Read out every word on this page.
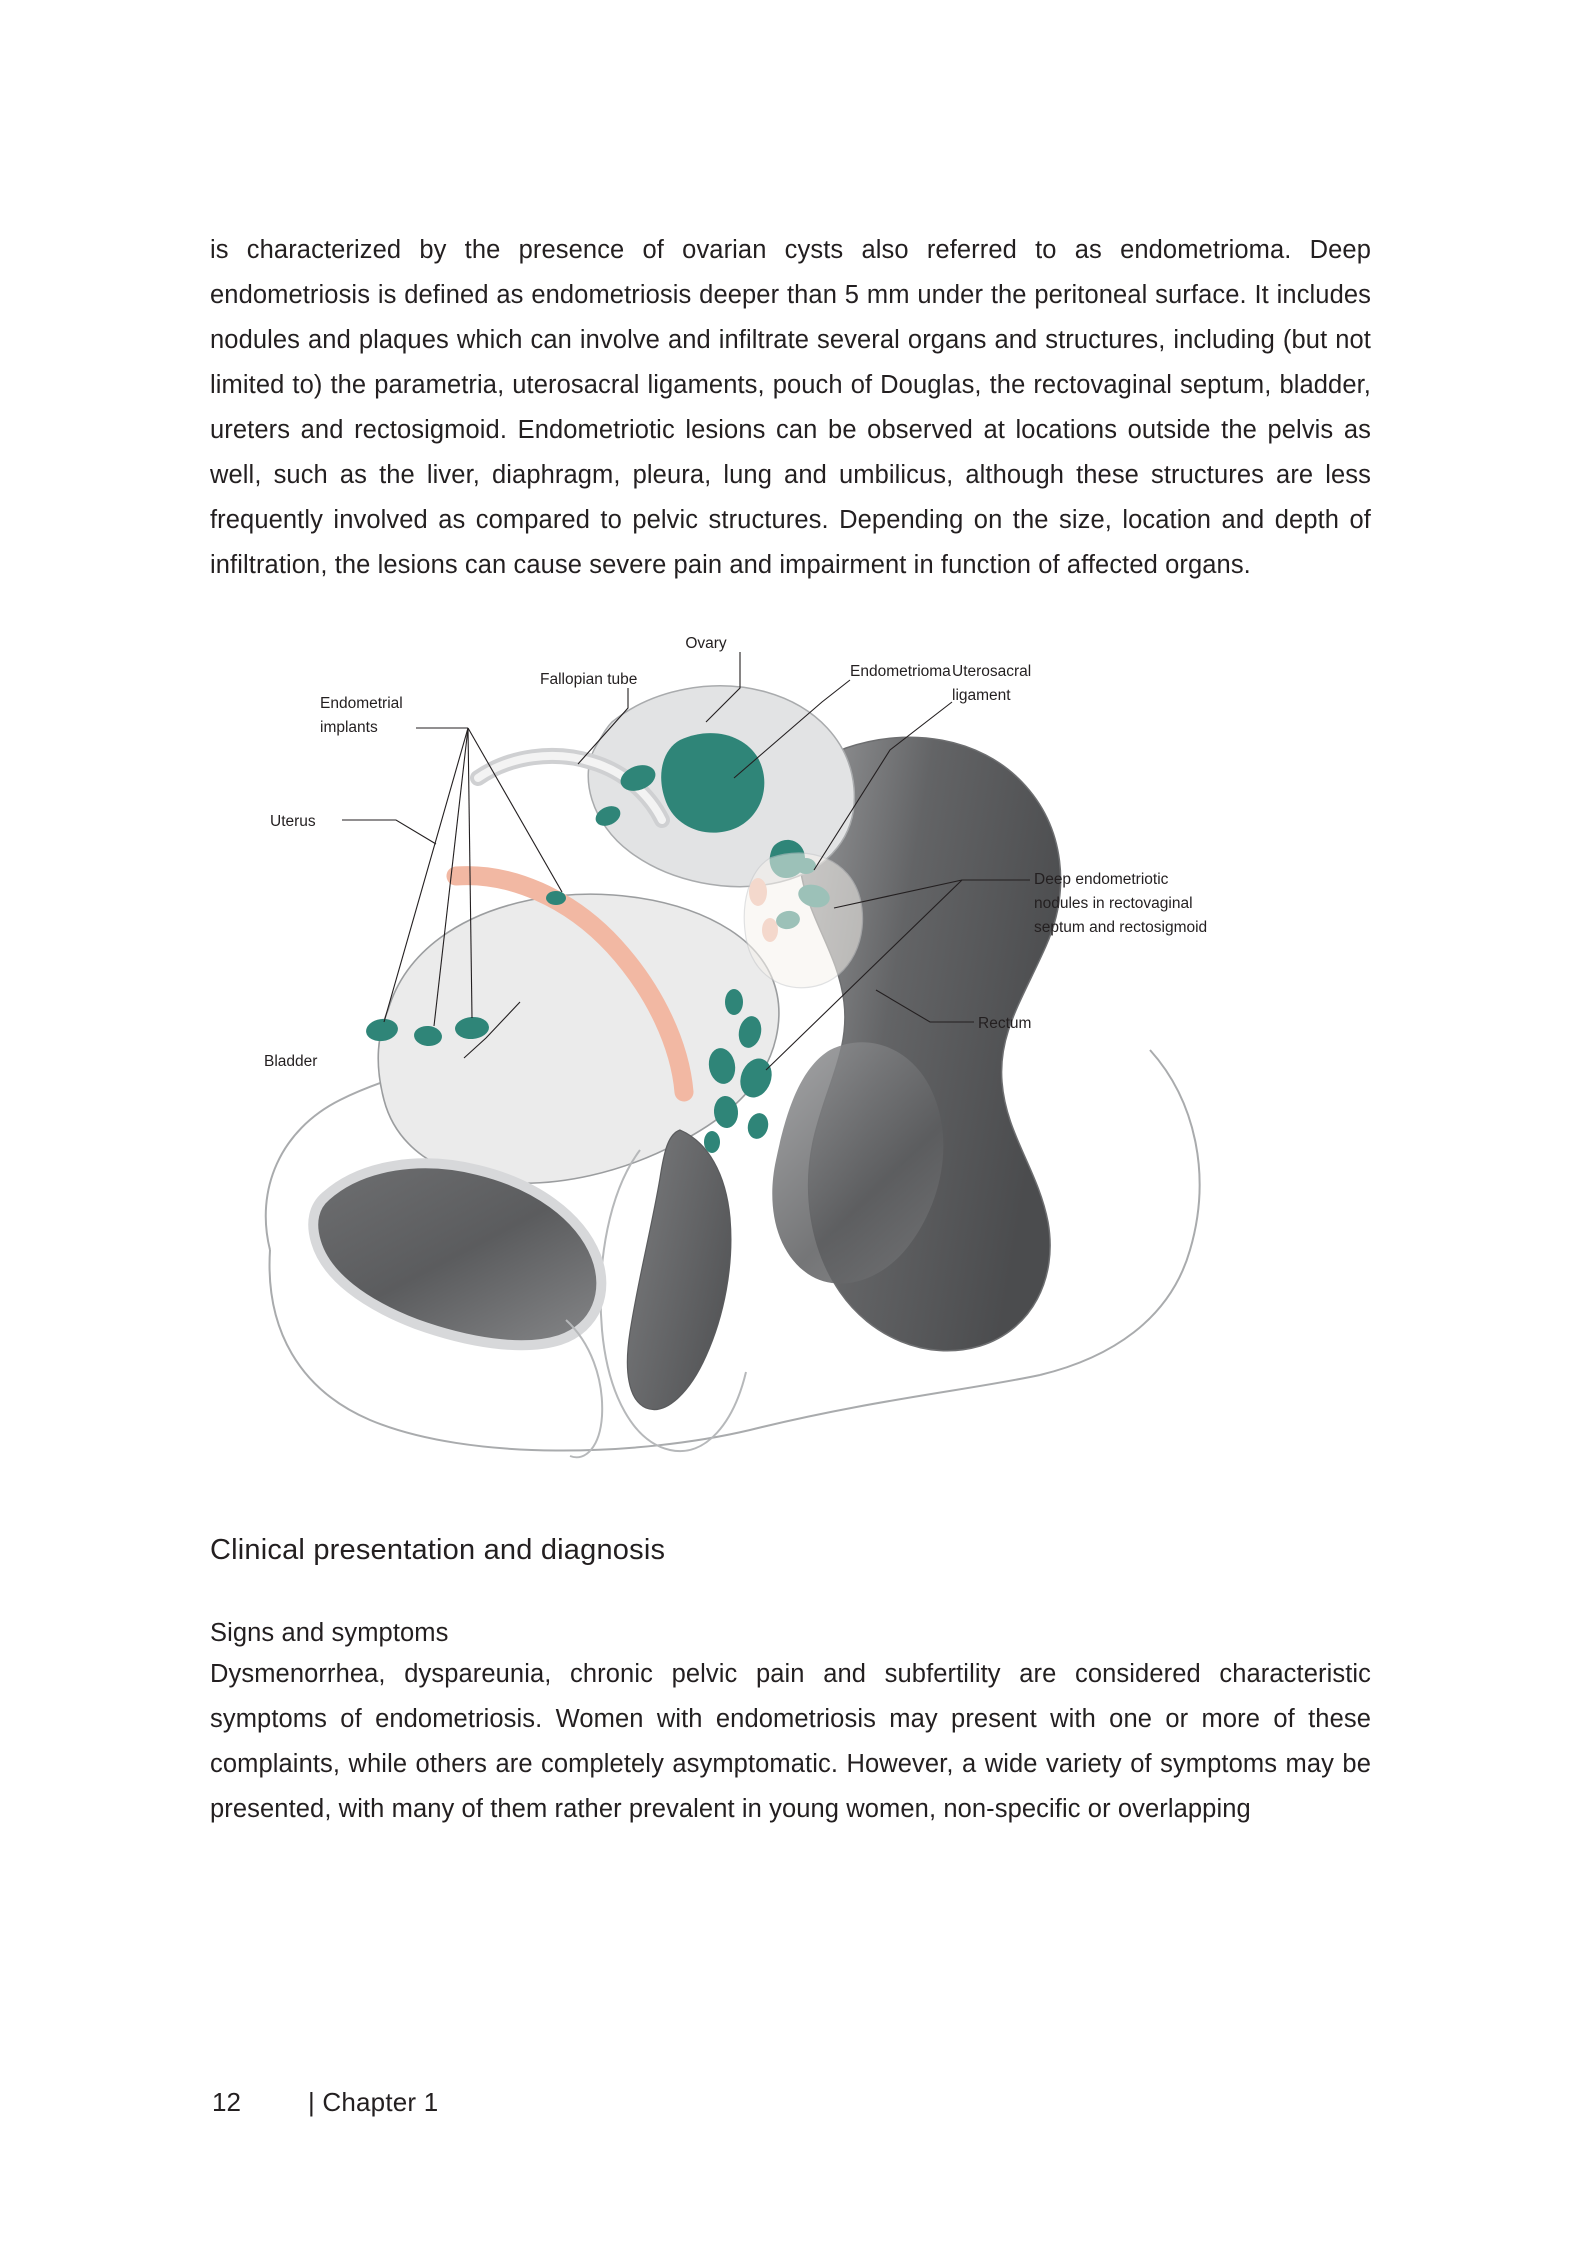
is characterized by the presence of ovarian cysts also referred to as endometrioma. Deep endometriosis is defined as endometriosis deeper than 5 mm under the peritoneal surface. It includes nodules and plaques which can involve and infiltrate several organs and structures, including (but not limited to) the parametria, uterosacral ligaments, pouch of Douglas, the rectovaginal septum, bladder, ureters and rectosigmoid. Endometriotic lesions can be observed at locations outside the pelvis as well, such as the liver, diaphragm, pleura, lung and umbilicus, although these structures are less frequently involved as compared to pelvic structures. Depending on the size, location and depth of infiltration, the lesions can cause severe pain and impairment in function of affected organs.

Ovary
Fallopian tube	Endometrioma Uterosacral
ligament
Endometrial
implants
Uterus
Deep endometriotic
nodules in rectovaginal
septum and rectosigmoid
Rectum
Bladder
Clinical presentation and diagnosis
Signs and symptoms

Dysmenorrhea, dyspareunia, chronic pelvic pain and subfertility are considered characteristic symptoms of endometriosis. Women with endometriosis may present with one or more of these complaints, while others are completely asymptomatic. However, a wide variety of symptoms may be presented, with many of them rather prevalent in young women, non-specific or overlapping

12	| Chapter 1
